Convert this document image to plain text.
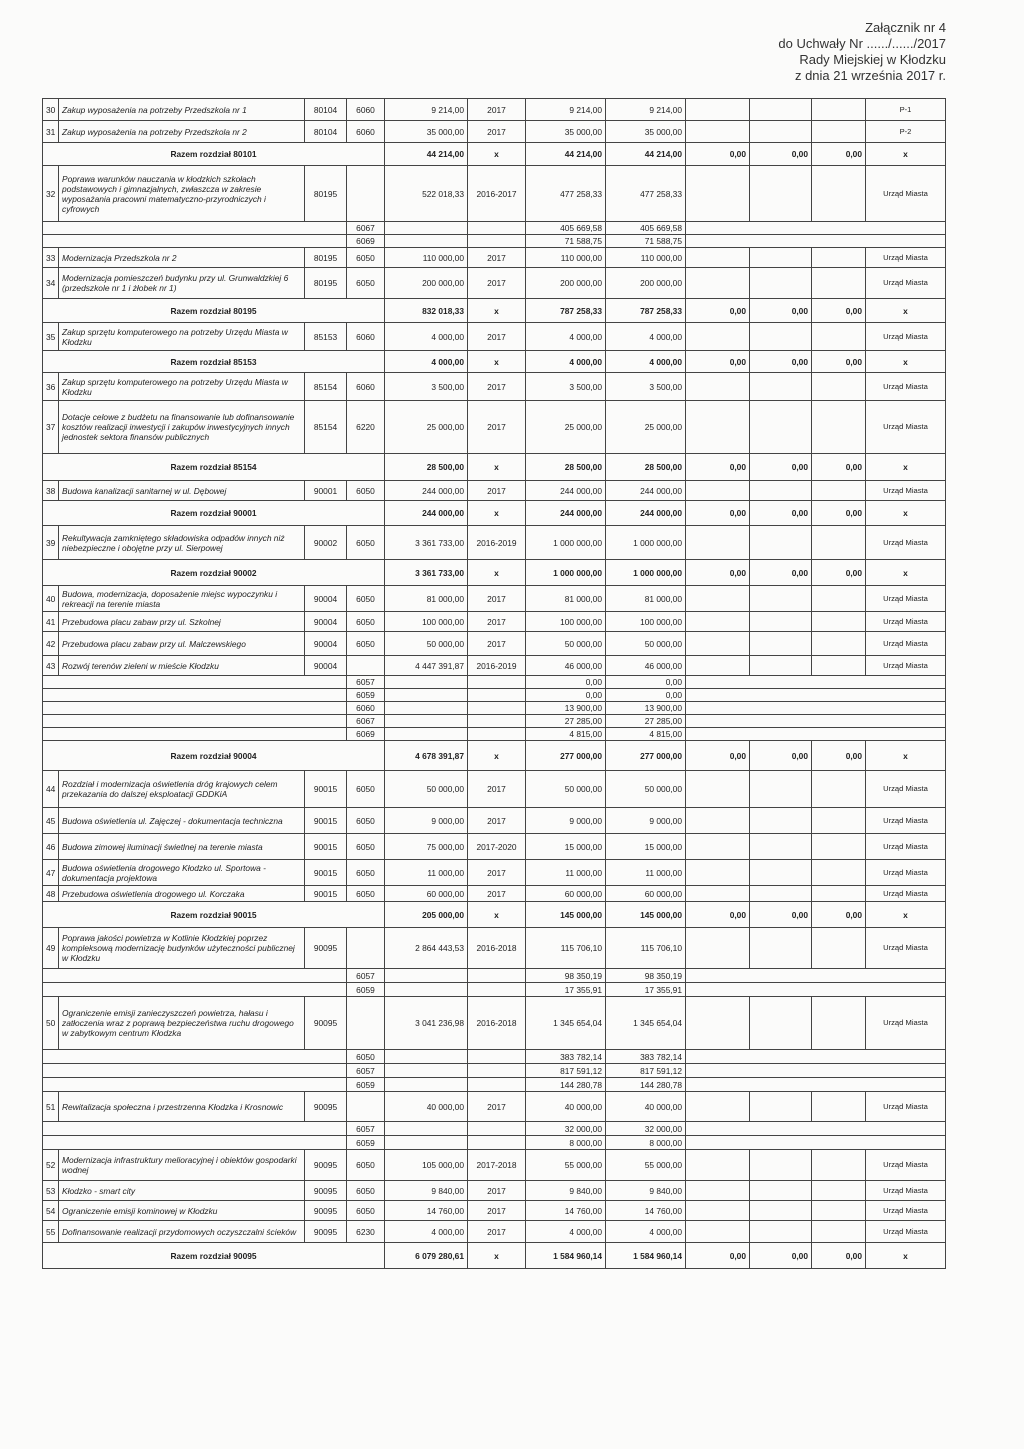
Załącznik nr 4
do Uchwały Nr ....../....../2017
Rady Miejskiej w Kłodzku
z dnia 21 września 2017 r.
30	Zakup wyposażenia na potrzeby Przedszkola nr 1	80104	6060	9 214,00	2017	9 214,00	9 214,00				P-1
31	Zakup wyposażenia na potrzeby Przedszkola nr 2	80104	6060	35 000,00	2017	35 000,00	35 000,00				P-2
Razem rozdział 80101				44 214,00	x	44 214,00	44 214,00	0,00	0,00	0,00	x
32	Poprawa warunków nauczania w kłodzkich szkołach podstawowych i gimnazjalnych, zwłaszcza w zakresie wyposażania pracowni matematyczno-przyrodniczych i cyfrowych	80195		522 018,33	2016-2017	477 258,33	477 258,33				Urząd Miasta
			6067			405 669,58	405 669,58				
			6069			71 588,75	71 588,75				
33	Modernizacja Przedszkola nr 2	80195	6050	110 000,00	2017	110 000,00	110 000,00				Urząd Miasta
34	Modernizacja pomieszczeń budynku przy ul. Grunwaldzkiej 6 (przedszkole nr 1 i żłobek nr 1)	80195	6050	200 000,00	2017	200 000,00	200 000,00				Urząd Miasta
Razem rozdział 80195				832 018,33	x	787 258,33	787 258,33	0,00	0,00	0,00	x
35	Zakup sprzętu komputerowego na potrzeby Urzędu Miasta w Kłodzku	85153	6060	4 000,00	2017	4 000,00	4 000,00				Urząd Miasta
Razem rozdział 85153				4 000,00	x	4 000,00	4 000,00	0,00	0,00	0,00	x
36	Zakup sprzętu komputerowego na potrzeby Urzędu Miasta w Kłodzku	85154	6060	3 500,00	2017	3 500,00	3 500,00				Urząd Miasta
37	Dotacje celowe z budżetu na finansowanie lub dofinansowanie kosztów realizacji inwestycji i zakupów inwestycyjnych innych jednostek sektora finansów publicznych	85154	6220	25 000,00	2017	25 000,00	25 000,00				Urząd Miasta
Razem rozdział 85154				28 500,00	x	28 500,00	28 500,00	0,00	0,00	0,00	x
38	Budowa kanalizacji sanitarnej w ul. Dębowej	90001	6050	244 000,00	2017	244 000,00	244 000,00				Urząd Miasta
Razem rozdział 90001				244 000,00	x	244 000,00	244 000,00	0,00	0,00	0,00	x
39	Rekultywacja zamkniętego składowiska odpadów innych niż niebezpieczne i obojętne przy ul. Sierpowej	90002	6050	3 361 733,00	2016-2019	1 000 000,00	1 000 000,00				Urząd Miasta
Razem rozdział 90002				3 361 733,00	x	1 000 000,00	1 000 000,00	0,00	0,00	0,00	x
40	Budowa, modernizacja, doposażenie miejsc wypoczynku i rekreacji na terenie miasta	90004	6050	81 000,00	2017	81 000,00	81 000,00				Urząd Miasta
41	Przebudowa placu zabaw przy ul. Szkolnej	90004	6050	100 000,00	2017	100 000,00	100 000,00				Urząd Miasta
42	Przebudowa placu zabaw przy ul. Malczewskiego	90004	6050	50 000,00	2017	50 000,00	50 000,00				Urząd Miasta
43	Rozwój terenów zieleni w mieście Kłodzku	90004		4 447 391,87	2016-2019	46 000,00	46 000,00				Urząd Miasta
			6057			0,00	0,00				
			6059			0,00	0,00				
			6060			13 900,00	13 900,00				
			6067			27 285,00	27 285,00				
			6069			4 815,00	4 815,00				
Razem rozdział 90004				4 678 391,87	x	277 000,00	277 000,00	0,00	0,00	0,00	x
44	Rozdział i modernizacja oświetlenia dróg krajowych celem przekazania do dalszej eksploatacji GDDKiA	90015	6050	50 000,00	2017	50 000,00	50 000,00				Urząd Miasta
45	Budowa oświetlenia ul. Zajęczej - dokumentacja techniczna	90015	6050	9 000,00	2017	9 000,00	9 000,00				Urząd Miasta
46	Budowa zimowej iluminacji świetlnej na terenie miasta	90015	6050	75 000,00	2017-2020	15 000,00	15 000,00				Urząd Miasta
47	Budowa oświetlenia drogowego Kłodzko ul. Sportowa - dokumentacja projektowa	90015	6050	11 000,00	2017	11 000,00	11 000,00				Urząd Miasta
48	Przebudowa oświetlenia drogowego ul. Korczaka	90015	6050	60 000,00	2017	60 000,00	60 000,00				Urząd Miasta
Razem rozdział 90015				205 000,00	x	145 000,00	145 000,00	0,00	0,00	0,00	x
49	Poprawa jakości powietrza w Kotlinie Kłodzkiej poprzez kompleksową modernizację budynków użyteczności publicznej w Kłodzku	90095		2 864 443,53	2016-2018	115 706,10	115 706,10				Urząd Miasta
			6057			98 350,19	98 350,19				
			6059			17 355,91	17 355,91				
50	Ograniczenie emisji zanieczyszczeń powietrza, hałasu i zatłoczenia wraz z poprawą bezpieczeństwa ruchu drogowego w zabytkowym centrum Kłodzka	90095		3 041 236,98	2016-2018	1 345 654,04	1 345 654,04				Urząd Miasta
			6050			383 782,14	383 782,14				
			6057			817 591,12	817 591,12				
			6059			144 280,78	144 280,78				
51	Rewitalizacja społeczna i przestrzenna Kłodzka i Krosnowic	90095		40 000,00	2017	40 000,00	40 000,00				Urząd Miasta
			6057			32 000,00	32 000,00				
			6059			8 000,00	8 000,00				
52	Modernizacja infrastruktury melioracyjnej i obiektów gospodarki wodnej	90095	6050	105 000,00	2017-2018	55 000,00	55 000,00				Urząd Miasta
53	Kłodzko - smart city	90095	6050	9 840,00	2017	9 840,00	9 840,00				Urząd Miasta
54	Ograniczenie emisji kominowej w Kłodzku	90095	6050	14 760,00	2017	14 760,00	14 760,00				Urząd Miasta
55	Dofinansowanie realizacji przydomowych oczyszczalni ścieków	90095	6230	4 000,00	2017	4 000,00	4 000,00				Urząd Miasta
Razem rozdział 90095				6 079 280,61	x	1 584 960,14	1 584 960,14	0,00	0,00	0,00	x
